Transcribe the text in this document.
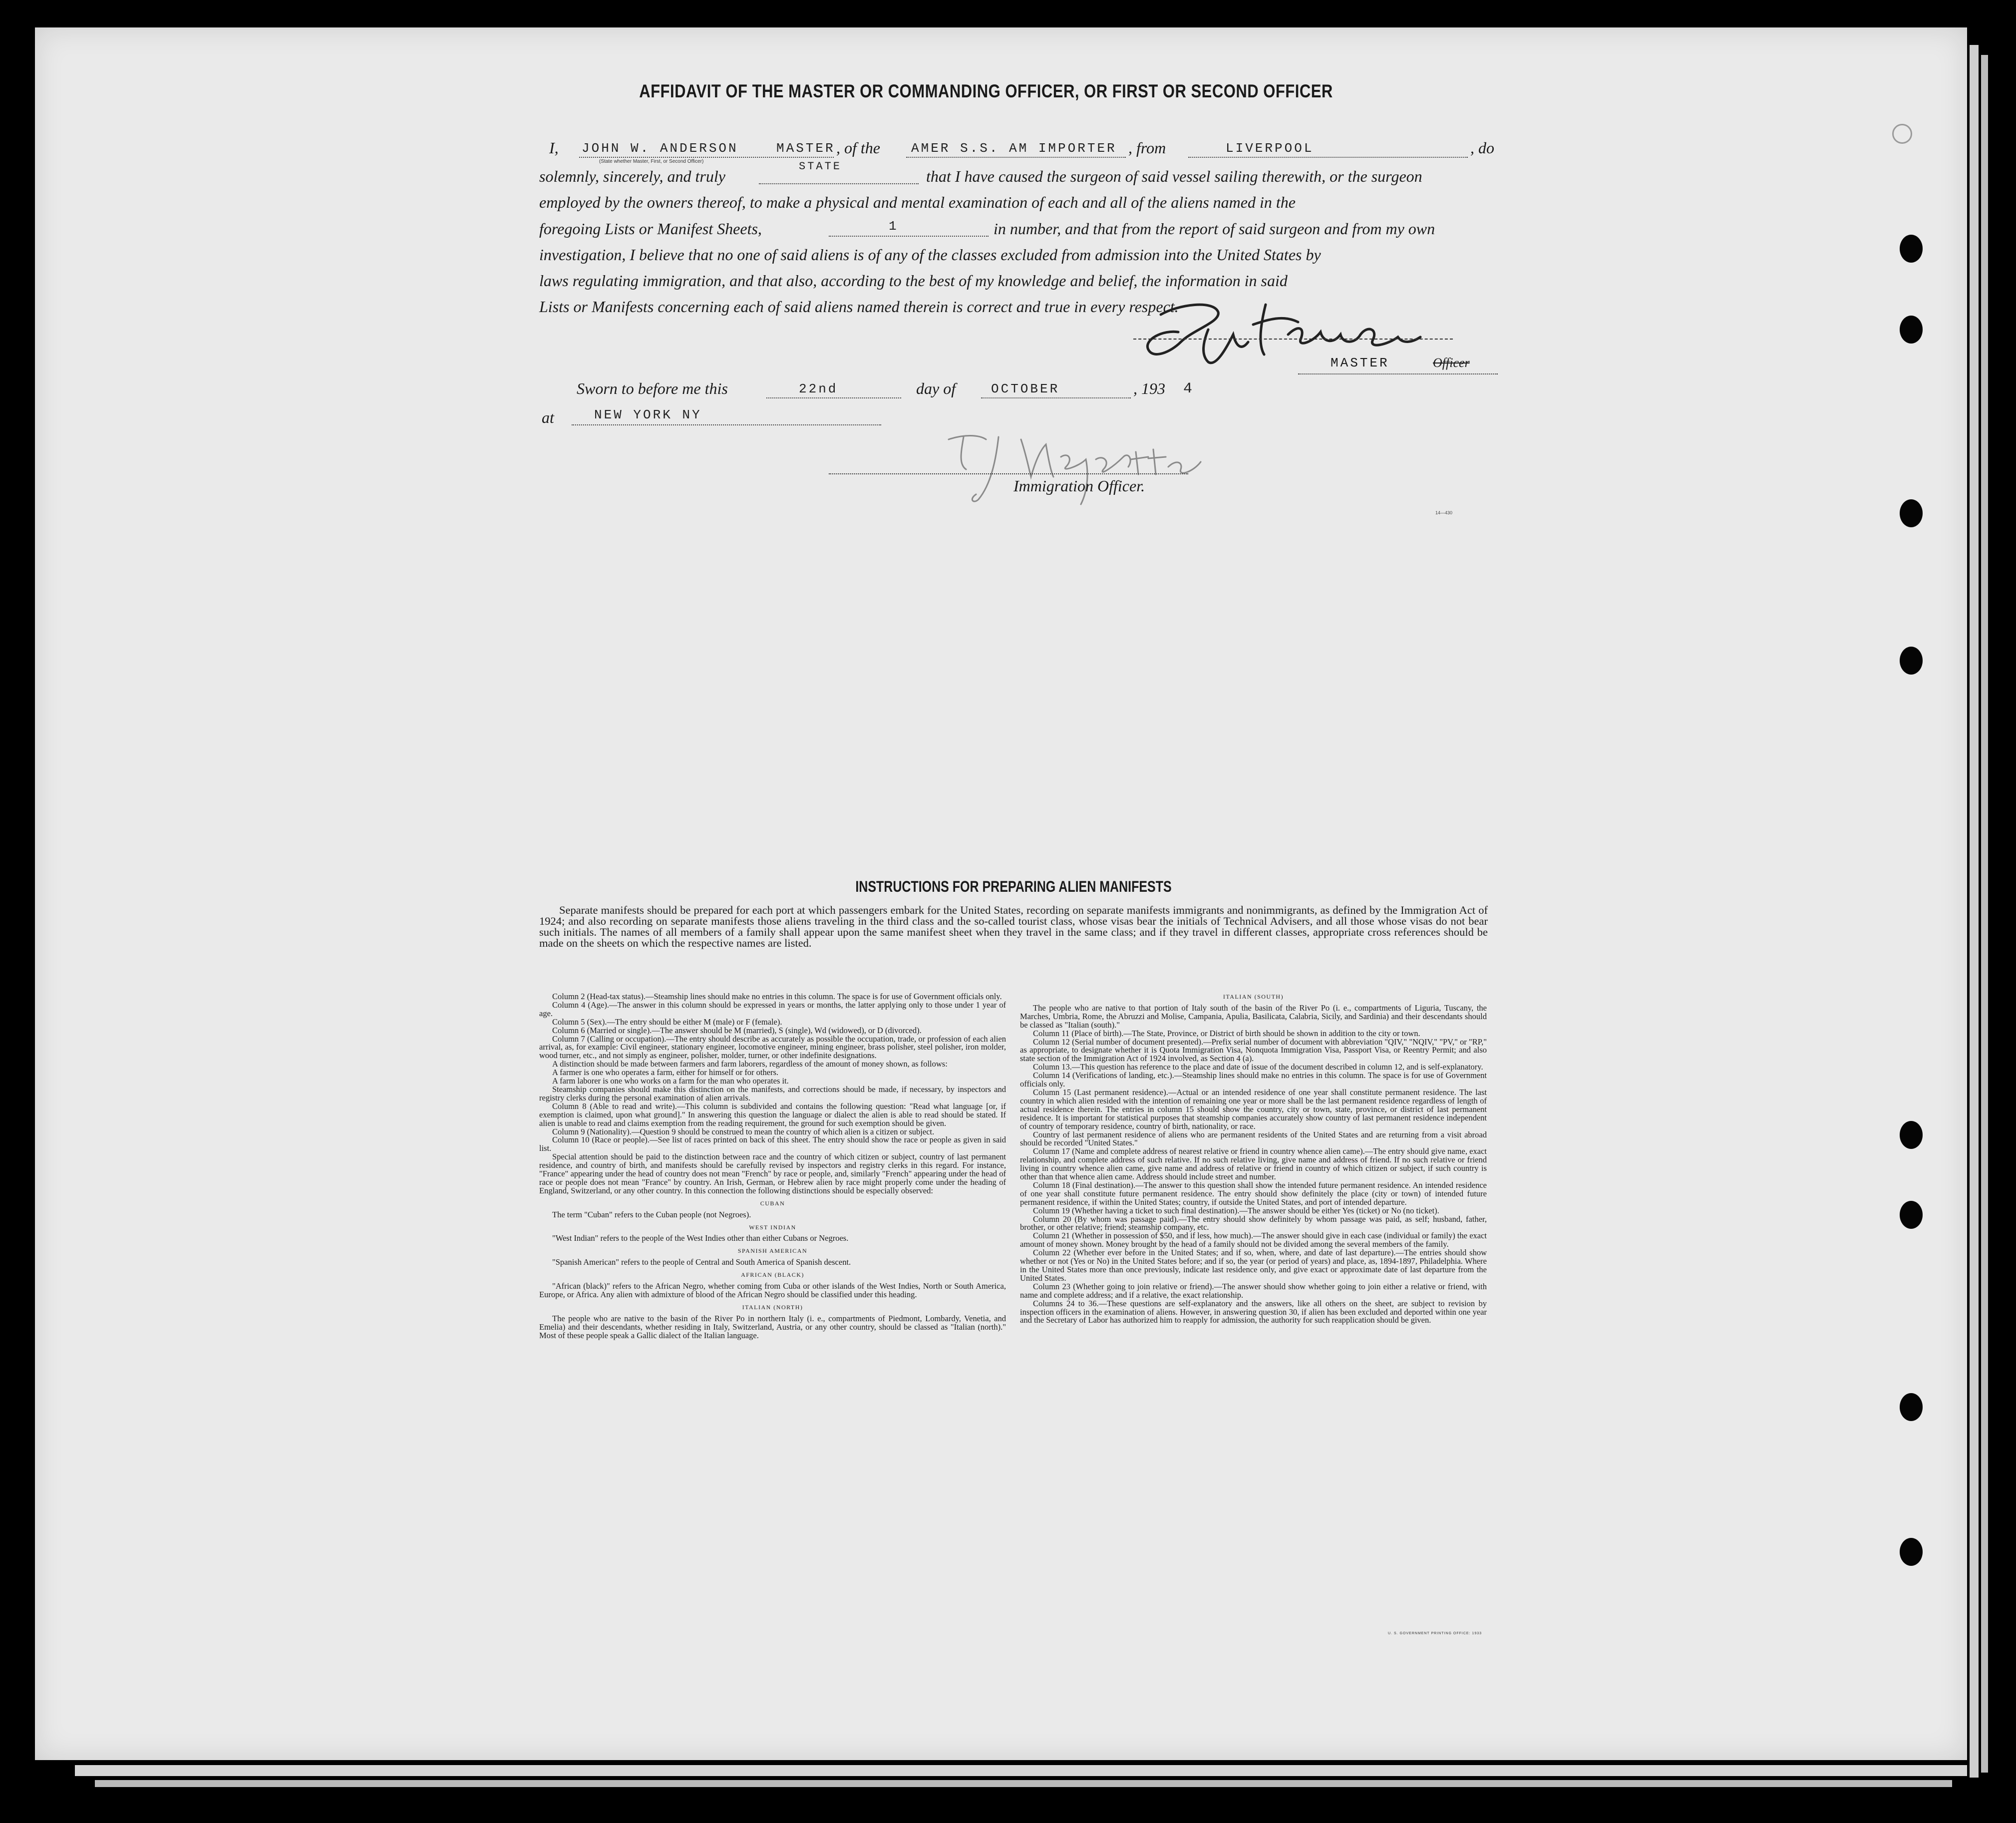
AFFIDAVIT OF THE MASTER OR COMMANDING OFFICER, OR FIRST OR SECOND OFFICER
I, JOHN W. ANDERSON	MASTER
(State whether Master, First, or Second Officer)
, of the AMER S.S. AM IMPORTER , from	LIVERPOOL	, do
solemnly, sincerely, and truly
STATE
that I have caused the surgeon of said vessel sailing therewith, or the surgeon
employed by the owners thereof, to make a physical and mental examination of each and all of the aliens named in the
foregoing Lists or Manifest Sheets,	1	in number, and that from the report of said surgeon and from my own
investigation, I believe that no one of said aliens is of any of the classes excluded from admission into the United States by
laws regulating immigration, and that also, according to the best of my knowledge and belief, the information in said
Lists or Manifests concerning each of said aliens named therein is correct and true in every respect.
MASTER	Officer
Sworn to before me this	22nd	day of	OCTOBER	, 193 4
at	NEW YORK NY
Immigration Officer.
14—430
INSTRUCTIONS FOR PREPARING ALIEN MANIFESTS
Separate manifests should be prepared for each port at which passengers embark for the United States, recording on separate manifests immigrants and nonimmigrants, as defined by the Immigration Act of 1924; and also recording on separate manifests those aliens traveling in the third class and the so-called tourist class, whose visas bear the initials of Technical Advisers, and all those whose visas do not bear such initials. The names of all members of a family shall appear upon the same manifest sheet when they travel in the same class; and if they travel in different classes, appropriate cross references should be made on the sheets on which the respective names are listed.

Column 2 (Head-tax status).—Steamship lines should make no entries in this column. The space is for use of Government officials only.

Column 4 (Age).—The answer in this column should be expressed in years or months, the latter applying only to those under 1 year of age.

Column 5 (Sex).—The entry should be either M (male) or F (female).

Column 6 (Married or single).—The answer should be M (married), S (single), Wd (widowed), or D (divorced).

Column 7 (Calling or occupation).—The entry should describe as accurately as possible the occupation, trade, or profession of each alien arrival, as, for example: Civil engineer, stationary engineer, locomotive engineer, mining engineer, brass polisher, steel polisher, iron molder, wood turner, etc., and not simply as engineer, polisher, molder, turner, or other indefinite designations.

A distinction should be made between farmers and farm laborers, regardless of the amount of money shown, as follows:

A farmer is one who operates a farm, either for himself or for others.

A farm laborer is one who works on a farm for the man who operates it.

Steamship companies should make this distinction on the manifests, and corrections should be made, if necessary, by inspectors and registry clerks during the personal examination of alien arrivals.

Column 8 (Able to read and write).—This column is subdivided and contains the following question: "Read what language [or, if exemption is claimed, upon what ground]." In answering this question the language or dialect the alien is able to read should be stated. If alien is unable to read and claims exemption from the reading requirement, the ground for such exemption should be given.

Column 9 (Nationality).—Question 9 should be construed to mean the country of which alien is a citizen or subject.

Column 10 (Race or people).—See list of races printed on back of this sheet. The entry should show the race or people as given in said list.

Special attention should be paid to the distinction between race and the country of which citizen or subject, country of last permanent residence, and country of birth, and manifests should be carefully revised by inspectors and registry clerks in this regard. For instance, "France" appearing under the head of country does not mean "French" by race or people, and, similarly "French" appearing under the head of race or people does not mean "France" by country. An Irish, German, or Hebrew alien by race might properly come under the heading of England, Switzerland, or any other country. In this connection the following distinctions should be especially observed:

CUBAN

The term "Cuban" refers to the Cuban people (not Negroes).

WEST INDIAN

"West Indian" refers to the people of the West Indies other than either Cubans or Negroes.

SPANISH AMERICAN

"Spanish American" refers to the people of Central and South America of Spanish descent.

AFRICAN (BLACK)

"African (black)" refers to the African Negro, whether coming from Cuba or other islands of the West Indies, North or South America, Europe, or Africa. Any alien with admixture of blood of the African Negro should be classified under this heading.

ITALIAN (NORTH)

The people who are native to the basin of the River Po in northern Italy (i. e., compartments of Piedmont, Lombardy, Venetia, and Emelia) and their descendants, whether residing in Italy, Switzerland, Austria, or any other country, should be classed as "Italian (north)." Most of these people speak a Gallic dialect of the Italian language.

ITALIAN (SOUTH)

The people who are native to that portion of Italy south of the basin of the River Po (i. e., compartments of Liguria, Tuscany, the Marches, Umbria, Rome, the Abruzzi and Molise, Campania, Apulia, Basilicata, Calabria, Sicily, and Sardinia) and their descendants should be classed as "Italian (south)."

Column 11 (Place of birth).—The State, Province, or District of birth should be shown in addition to the city or town.

Column 12 (Serial number of document presented).—Prefix serial number of document with abbreviation "QIV," "NQIV," "PV," or "RP," as appropriate, to designate whether it is Quota Immigration Visa, Nonquota Immigration Visa, Passport Visa, or Reentry Permit; and also state section of the Immigration Act of 1924 involved, as Section 4 (a).

Column 13.—This question has reference to the place and date of issue of the document described in column 12, and is self-explanatory.

Column 14 (Verifications of landing, etc.).—Steamship lines should make no entries in this column. The space is for use of Government officials only.

Column 15 (Last permanent residence).—Actual or an intended residence of one year shall constitute permanent residence. The last country in which alien resided with the intention of remaining one year or more shall be the last permanent residence regardless of length of actual residence therein. The entries in column 15 should show the country, city or town, state, province, or district of last permanent residence. It is important for statistical purposes that steamship companies accurately show country of last permanent residence independent of country of temporary residence, country of birth, nationality, or race.

Country of last permanent residence of aliens who are permanent residents of the United States and are returning from a visit abroad should be recorded "United States."

Column 17 (Name and complete address of nearest relative or friend in country whence alien came).—The entry should give name, exact relationship, and complete address of such relative. If no such relative living, give name and address of friend. If no such relative or friend living in country whence alien came, give name and address of relative or friend in country of which citizen or subject, if such country is other than that whence alien came. Address should include street and number.

Column 18 (Final destination).—The answer to this question shall show the intended future permanent residence. An intended residence of one year shall constitute future permanent residence. The entry should show definitely the place (city or town) of intended future permanent residence, if within the United States; country, if outside the United States, and port of intended departure.

Column 19 (Whether having a ticket to such final destination).—The answer should be either Yes (ticket) or No (no ticket).

Column 20 (By whom was passage paid).—The entry should show definitely by whom passage was paid, as self; husband, father, brother, or other relative; friend; steamship company, etc.

Column 21 (Whether in possession of $50, and if less, how much).—The answer should give in each case (individual or family) the exact amount of money shown. Money brought by the head of a family should not be divided among the several members of the family.

Column 22 (Whether ever before in the United States; and if so, when, where, and date of last departure).—The entries should show whether or not (Yes or No) in the United States before; and if so, the year (or period of years) and place, as, 1894-1897, Philadelphia. Where in the United States more than once previously, indicate last residence only, and give exact or approximate date of last departure from the United States.

Column 23 (Whether going to join relative or friend).—The answer should show whether going to join either a relative or friend, with name and complete address; and if a relative, the exact relationship.

Columns 24 to 36.—These questions are self-explanatory and the answers, like all others on the sheet, are subject to revision by inspection officers in the examination of aliens. However, in answering question 30, if alien has been excluded and deported within one year and the Secretary of Labor has authorized him to reapply for admission, the authority for such reapplication should be given.

U. S. GOVERNMENT PRINTING OFFICE: 1933
